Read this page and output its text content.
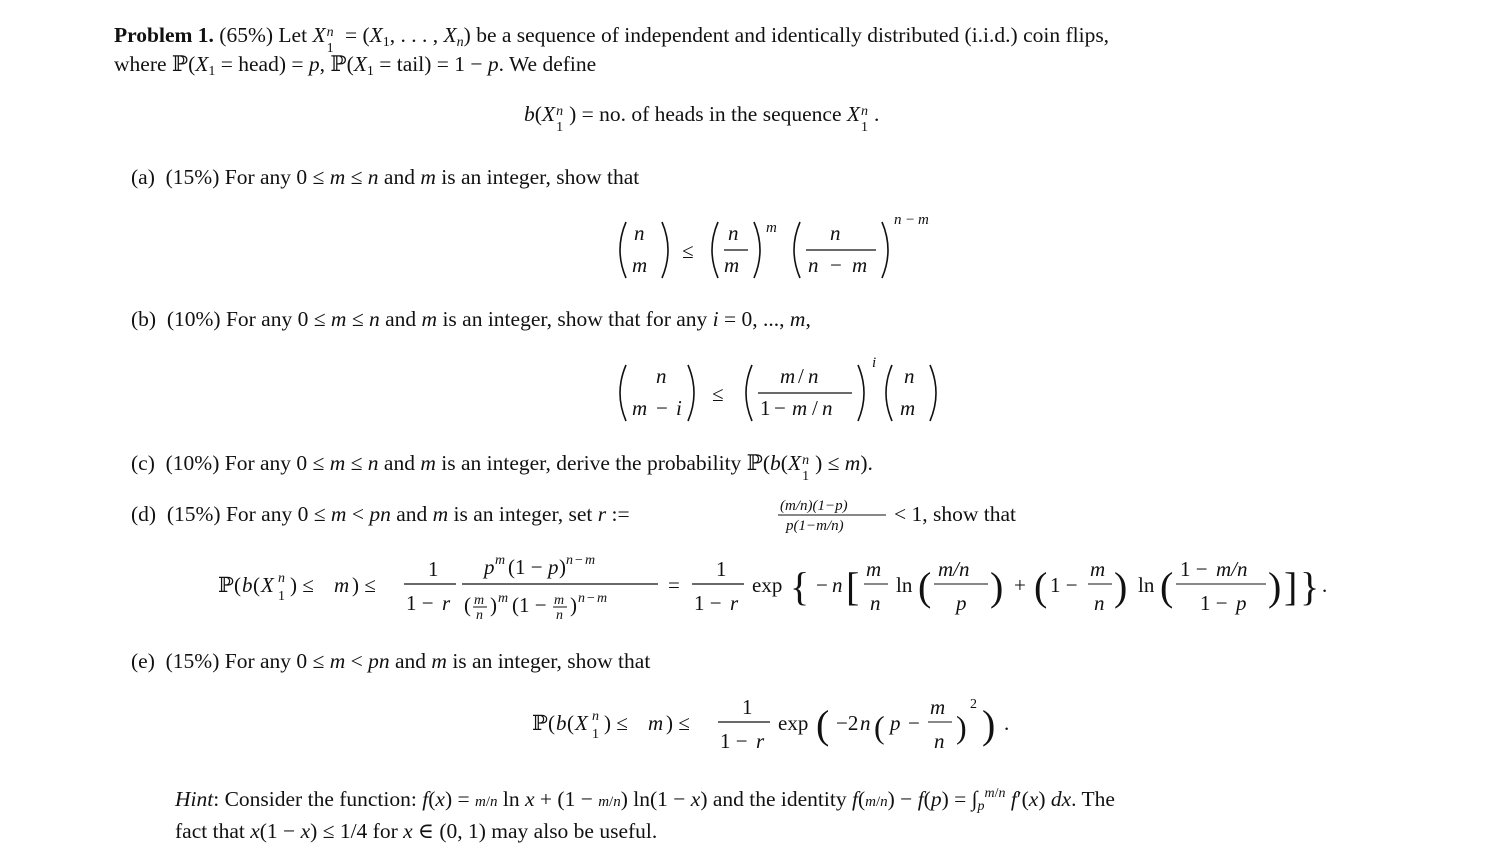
Problem 1. (65%) Let X n
1
= ($X_1$, . . . , $X_n$) be a sequence of independent and identically distributed (i.i.d.) coin flips,
where $ℙ(X_1$ = head) = p, $ℙ(X_1$ = tail) = 1 − p. We define
b(X n
1
) = no. of heads in the sequence X n
1
.
(a) (15%) For any 0 ≤ m ≤ n and m is an integer, show that
n
m
≤
n
m
m	n
n − m
n − m
(b) (10%) For any 0 ≤ m ≤ n and m is an integer, show that for any i = 0, ..., m,
n
m − i
≤
m / n
1 − m / n
i
n
m
(c) (10%) For any 0 ≤ m ≤ n and m is an integer, derive the probability ℙ(b(X n
1
) ≤ m).
(d) (15%) For any 0 ≤ m < pn and m is an integer, set r :=	(m/n)(1−p)
p(1−m/n) < 1, show that
ℙ ( b ( X n
1 ) ≤ m ) ≤
1
1 − r
p m (1 − p ) n − m
( m
n ) m (1 − m
n ) n − m
=
1
1 − r
exp { − n [ m
n
ln ( m/n
p ) + ( 1 −
m
n ) ln ( 1 − m/n
1 − p ) ] } .
(e) (15%) For any 0 ≤ m < pn and m is an integer, show that
ℙ ( b ( X n
1 ) ≤ m ) ≤
1
1 − r
exp ( −2 n ( p −
m
n )
2 ) .
Hint: Consider the function: f(x) = m/n ln x + (1 − m/n) ln(1 − x) and the identity $f(m/n) - f(p) = \int_p^{m/n}$ f′(x) dx. The
fact that x(1 − x) ≤ 1/4 for x ∈ (0, 1) may also be useful.
